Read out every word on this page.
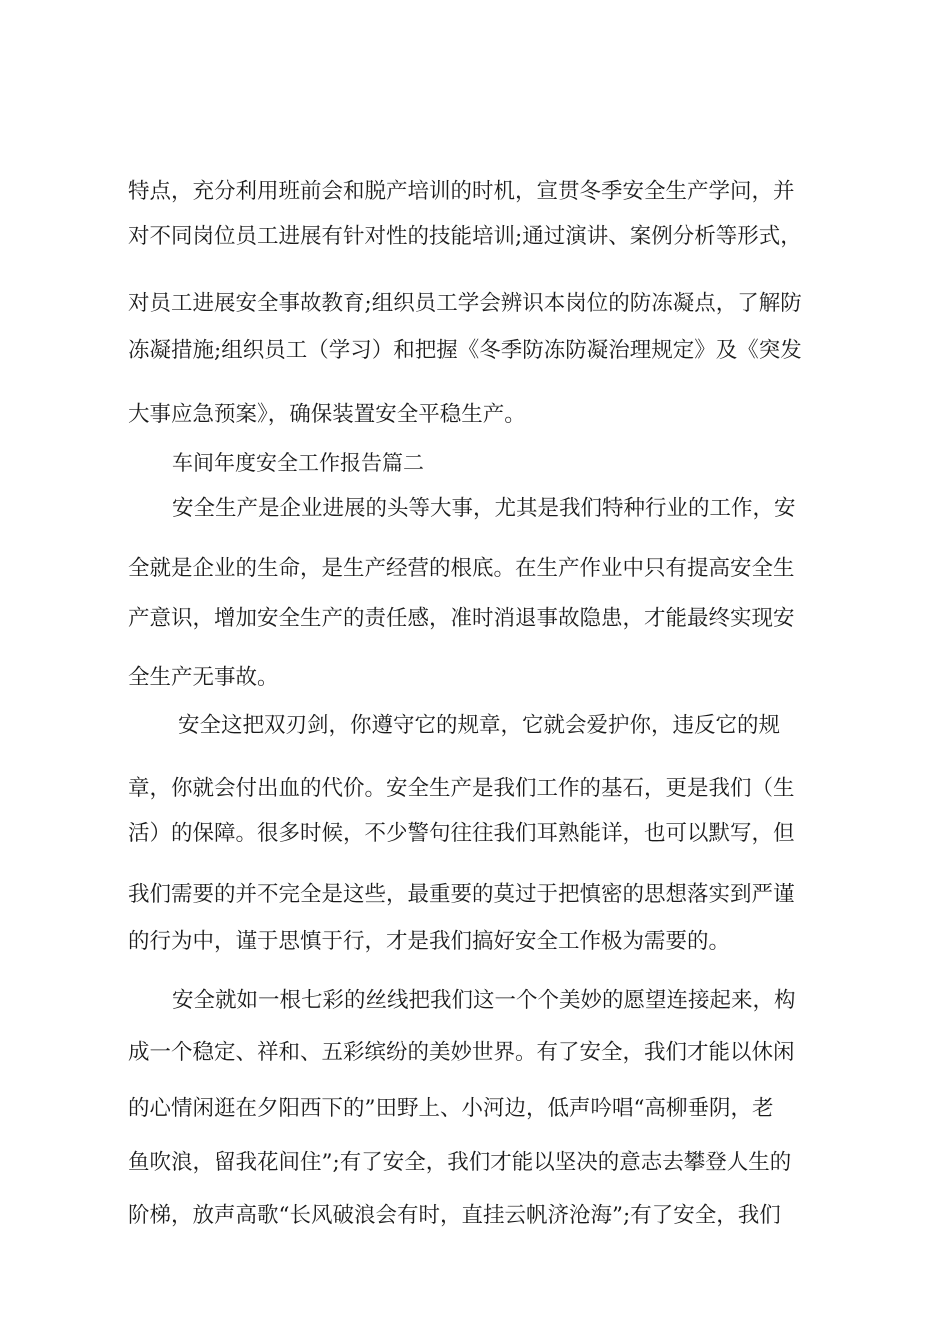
特点，充分利用班前会和脱产培训的时机，宣贯冬季安全生产学问，并
对不同岗位员工进展有针对性的技能培训;通过演讲、案例分析等形式，
对员工进展安全事故教育;组织员工学会辨识本岗位的防冻凝点，了解防
冻凝措施;组织员工（学习）和把握《冬季防冻防凝治理规定》及《突发
大事应急预案》，确保装置安全平稳生产。
车间年度安全工作报告篇二
安全生产是企业进展的头等大事，尤其是我们特种行业的工作，安
全就是企业的生命，是生产经营的根底。在生产作业中只有提高安全生
产意识，增加安全生产的责任感，准时消退事故隐患，才能最终实现安
全生产无事故。
安全这把双刃剑，你遵守它的规章，它就会爱护你，违反它的规
章，你就会付出血的代价。安全生产是我们工作的基石，更是我们（生
活）的保障。很多时候，不少警句往往我们耳熟能详，也可以默写，但
我们需要的并不完全是这些，最重要的莫过于把慎密的思想落实到严谨
的行为中，谨于思慎于行，才是我们搞好安全工作极为需要的。
安全就如一根七彩的丝线把我们这一个个美妙的愿望连接起来，构
成一个稳定、祥和、五彩缤纷的美妙世界。有了安全，我们才能以休闲
的心情闲逛在夕阳西下的”田野上、小河边，低声吟唱“高柳垂阴，老
鱼吹浪，留我花间住”;有了安全，我们才能以坚决的意志去攀登人生的
阶梯，放声高歌“长风破浪会有时，直挂云帆济沧海”;有了安全，我们
